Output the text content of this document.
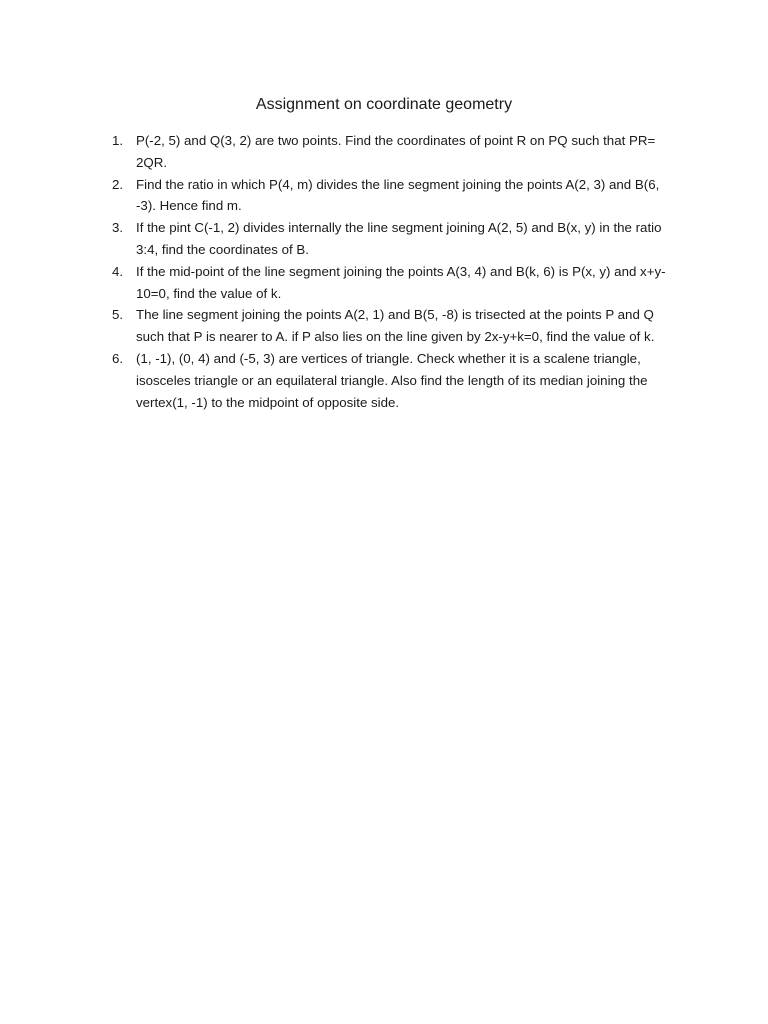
Assignment on coordinate geometry
1. P(-2, 5) and Q(3, 2) are two points. Find the coordinates of point R on PQ such that PR= 2QR.
2. Find the ratio in which P(4, m) divides the line segment joining the points A(2, 3) and B(6, -3). Hence find m.
3. If the pint C(-1, 2) divides internally the line segment joining A(2, 5) and B(x, y) in the ratio 3:4, find the coordinates of B.
4. If the mid-point of the line segment joining the points A(3, 4) and B(k, 6) is P(x, y) and x+y-10=0, find the value of k.
5. The line segment joining the points A(2, 1) and B(5, -8) is trisected at the points P and Q such that P is nearer to A. if P also lies on the line given by 2x-y+k=0, find the value of k.
6. (1, -1), (0, 4) and (-5, 3) are vertices of triangle. Check whether it is a scalene triangle, isosceles triangle or an equilateral triangle. Also find the length of its median joining the vertex(1, -1) to the midpoint of opposite side.
